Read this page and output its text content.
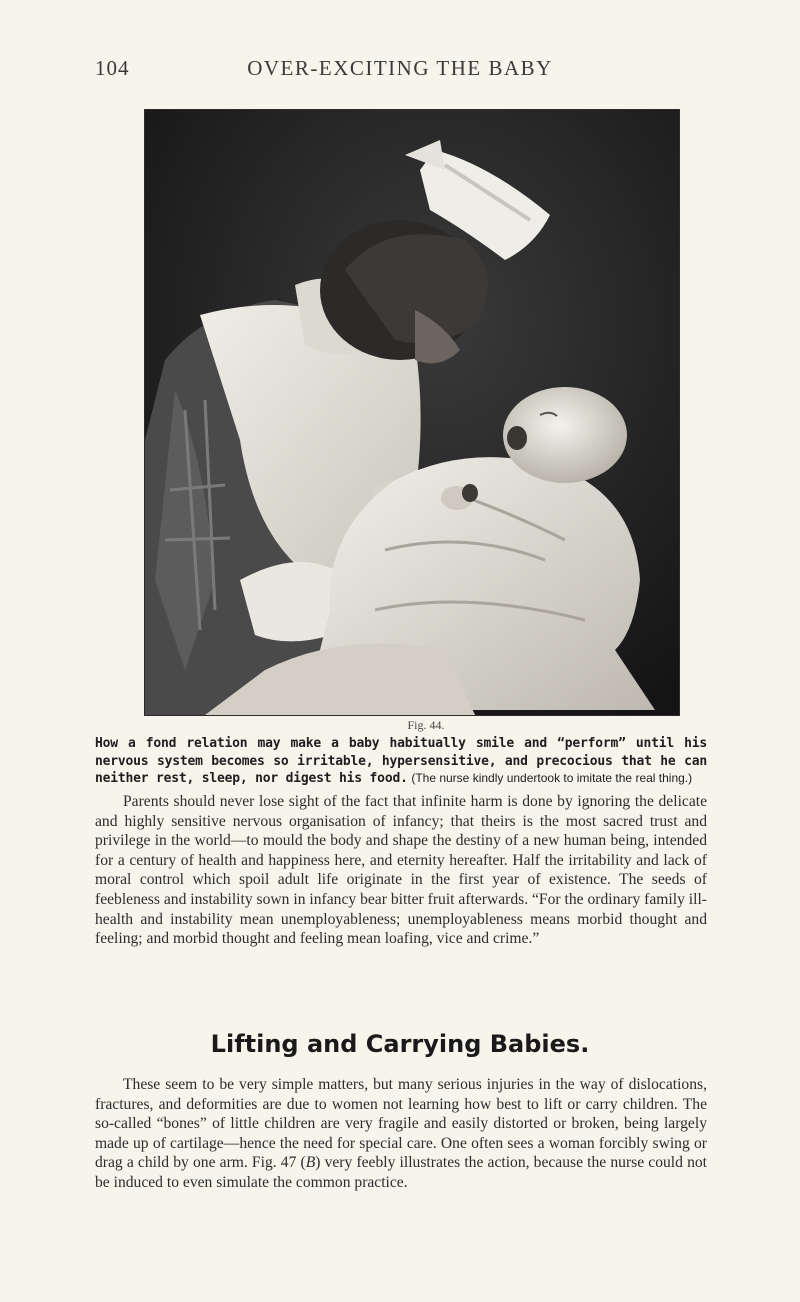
104	OVER-EXCITING THE BABY
Fig. 44.
How a fond relation may make a baby habitually smile and “perform” until his nervous system becomes so irritable, hypersensitive, and precocious that he can neither rest, sleep, nor digest his food. (The nurse kindly undertook to imitate the real thing.)
Parents should never lose sight of the fact that infinite harm is done by ignoring the delicate and highly sensitive nervous organisation of infancy; that theirs is the most sacred trust and privilege in the world—to mould the body and shape the destiny of a new human being, intended for a century of health and happiness here, and eternity hereafter. Half the irritability and lack of moral control which spoil adult life originate in the first year of existence. The seeds of feebleness and instability sown in infancy bear bitter fruit afterwards. “For the ordinary family ill-health and instability mean unemployableness; unemployableness means morbid thought and feeling; and morbid thought and feeling mean loafing, vice and crime.”
Lifting and Carrying Babies.
These seem to be very simple matters, but many serious injuries in the way of dislocations, fractures, and deformities are due to women not learning how best to lift or carry children. The so-called “bones” of little children are very fragile and easily distorted or broken, being largely made up of cartilage—hence the need for special care. One often sees a woman forcibly swing or drag a child by one arm. Fig. 47 (B) very feebly illustrates the action, because the nurse could not be induced to even simulate the common practice.
